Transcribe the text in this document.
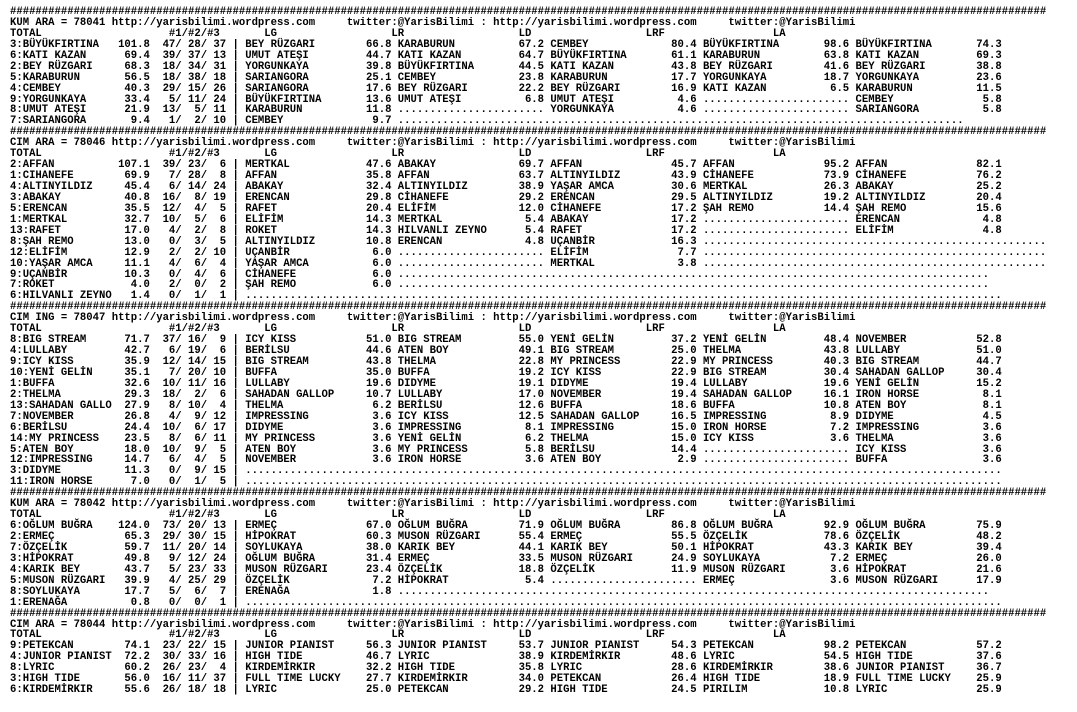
###################################################################################################################################################################
KUM ARA = 78041 http://yarisbilimi.wordpress.com     twitter:@YarisBilimi : http://yarisbilimi.wordpress.com     twitter:@YarisBilimi
TOTAL                    #1/#2/#3       LG                  LR                  LD                  LRF                 LA
3:BÜYÜKFIRTINA   101.8  47/ 28/ 37 | BEY RÜZGARI        66.8 KARABURUN          67.2 CEMBEY             80.4 BÜYÜKFIRTINA       98.6 BÜYÜKFIRTINA       74.3
6:KATI KAZAN      69.4  39/ 37/ 13 | UMUT ATEŞI         44.7 KATI KAZAN         64.7 BÜYÜKFIRTINA       61.1 KARABURUN          63.8 KATI KAZAN         69.3
2:BEY RÜZGARI     68.3  18/ 34/ 31 | YORGUNKAYA         39.8 BÜYÜKFIRTINA       44.5 KATI KAZAN         43.8 BEY RÜZGARI        41.6 BEY RÜZGARI        38.8
5:KARABURUN       56.5  18/ 38/ 18 | SARIANGORA         25.1 CEMBEY             23.8 KARABURUN          17.7 YORGUNKAYA         18.7 YORGUNKAYA         23.6
4:CEMBEY          40.3  29/ 15/ 26 | SARIANGORA         17.6 BEY RÜZGARI        22.2 BEY RÜZGARI        16.9 KATI KAZAN          6.5 KARABURUN          11.5
9:YORGUNKAYA      33.4   5/ 11/ 24 | BÜYÜKFIRTINA       13.6 UMUT ATEŞI          6.8 UMUT ATEŞI          4.6 ....................... CEMBEY              5.8
8:UMUT ATEŞI      21.9  13/  5/ 11 | KARABURUN          11.8 ....................... YORGUNKAYA          4.6 ....................... SARIANGORA          5.8
7:SARIANGORA       9.4   1/  2/ 10 | CEMBEY              9.7 .........................................................................................
###################################################################################################################################################################
CIM ARA = 78046 http://yarisbilimi.wordpress.com     twitter:@YarisBilimi : http://yarisbilimi.wordpress.com     twitter:@YarisBilimi
TOTAL                    #1/#2/#3       LG                  LR                  LD                  LRF                 LA
2:AFFAN          107.1  39/ 23/  6 | MERTKAL            47.6 ABAKAY             69.7 AFFAN              45.7 AFFAN              95.2 AFFAN              82.1
1:CIHANEFE        69.9   7/ 28/  8 | AFFAN              35.8 AFFAN              63.7 ALTINYILDIZ        43.9 CİHANEFE           73.9 CİHANEFE           76.2
4:ALTINYILDIZ     45.4   6/ 14/ 24 | ABAKAY             32.4 ALTINYILDIZ        38.9 YAŞAR AMCA         30.6 MERTKAL            26.3 ABAKAY             25.2
3:ABAKAY          40.8  16/  8/ 19 | ERENCAN            29.8 CİHANEFE           29.2 ERENCAN            29.5 ALTINYILDIZ        19.2 ALTINYILDIZ        20.4
5:ERENCAN         35.5  12/  4/  5 | RAFET              20.4 ELİFİM             12.0 CİHANEFE           17.2 ŞAH REMO           14.4 ŞAH REMO           15.6
1:MERTKAL         32.7  10/  5/  6 | ELİFİM             14.3 MERTKAL             5.4 ABAKAY             17.2 ....................... ERENCAN             4.8
13:RAFET          17.0   4/  2/  8 | ROKET              14.3 HILVANLI ZEYNO      5.4 RAFET              17.2 ....................... ELİFİM              4.8
8:ŞAH REMO        13.0   0/  3/  5 | ALTINYILDIZ        10.8 ERENCAN             4.8 UÇANBİR            16.3 ......................................................
12:ELİFİM         12.9   2/  2/ 10 | UÇANBİR             6.0 ....................... ELİFİM              7.7 ......................................................
10:YAŞAR AMCA     11.1   4/  6/  4 | YAŞAR AMCA          6.0 ....................... MERTKAL             3.8 ......................................................
9:UÇANBİR         10.3   0/  4/  6 | CİHANEFE            6.0 .............................................................................................
7:ROKET            4.0   2/  0/  2 | ŞAH REMO            6.0 .............................................................................................
6:HILVANLI ZEYNO   1.4   0/  1/  1 | .......................................................................................................................
###################################################################################################################################################################
CIM ING = 78047 http://yarisbilimi.wordpress.com     twitter:@YarisBilimi : http://yarisbilimi.wordpress.com     twitter:@YarisBilimi
TOTAL                    #1/#2/#3       LG                  LR                  LD                  LRF                 LA
8:BIG STREAM      71.7  37/ 16/  9 | ICY KISS           51.0 BIG STREAM         55.0 YENİ GELİN         37.2 YENİ GELİN         48.4 NOVEMBER           52.8
4:LULLABY         42.7   6/ 19/  6 | BERİLSU            44.6 ATEN BOY           49.1 BIG STREAM         25.0 THELMA             43.8 LULLABY            51.0
9:ICY KISS        35.9  12/ 14/ 15 | BIG STREAM         43.8 THELMA             22.8 MY PRINCESS        22.9 MY PRINCESS        40.3 BIG STREAM         44.7
10:YENİ GELİN     35.1   7/ 20/ 10 | BUFFA              35.0 BUFFA              19.2 ICY KISS           22.9 BIG STREAM         30.4 SAHADAN GALLOP     30.4
1:BUFFA           32.6  10/ 11/ 16 | LULLABY            19.6 DIDYME             19.1 DIDYME             19.4 LULLABY            19.6 YENİ GELİN         15.2
2:THELMA          29.3  18/  2/  6 | SAHADAN GALLOP     10.7 LULLABY            17.0 NOVEMBER           19.4 SAHADAN GALLOP     16.1 IRON HORSE          8.1
13:SAHADAN GALLO  27.9   8/ 10/  4 | THELMA              6.2 BERİLSU            12.6 BUFFA              18.6 BUFFA              10.8 ATEN BOY            8.1
7:NOVEMBER        26.8   4/  9/ 12 | IMPRESSING          3.6 ICY KISS           12.5 SAHADAN GALLOP     16.5 IMPRESSING          8.9 DIDYME              4.5
6:BERİLSU         24.4  10/  6/ 17 | DIDYME              3.6 IMPRESSING          8.1 IMPRESSING         15.0 IRON HORSE          7.2 IMPRESSING          3.6
14:MY PRINCESS    23.5   8/  6/ 11 | MY PRINCESS         3.6 YENİ GELİN          6.2 THELMA             15.0 ICY KISS            3.6 THELMA              3.6
5:ATEN BOY        18.0  10/  9/  5 | ATEN BOY            3.6 MY PRINCESS         5.8 BERİLSU            14.4 ....................... ICY KISS            3.6
12:IMPRESSING     14.7   6/  4/  5 | NOVEMBER            3.6 IRON HORSE          3.6 ATEN BOY            2.9 ....................... BUFFA               3.6
3:DIDYME          11.3   0/  9/ 15 | .......................................................................................................................
11:IRON HORSE      7.0   0/  1/  5 | .......................................................................................................................
###################################################################################################################################################################
KUM ARA = 78042 http://yarisbilimi.wordpress.com     twitter:@YarisBilimi : http://yarisbilimi.wordpress.com     twitter:@YarisBilimi
TOTAL                    #1/#2/#3       LG                  LR                  LD                  LRF                 LA
6:OĞLUM BUĞRA    124.0  73/ 20/ 13 | ERMEÇ              67.0 OĞLUM BUĞRA        71.9 OĞLUM BUĞRA        86.8 OĞLUM BUĞRA        92.9 OĞLUM BUĞRA        75.9
2:ERMEÇ           65.3  29/ 30/ 15 | HİPOKRAT           60.3 MUSON RÜZGARI      55.4 ERMEÇ              55.5 ÖZÇELİK            78.6 ÖZÇELİK            48.2
7:ÖZÇELİK         59.7  11/ 20/ 14 | SOYLUKAYA          38.0 KARIK BEY          44.1 KARIK BEY          50.1 HİPOKRAT           43.3 KARIK BEY          39.4
3:HİPOKRAT        49.8   9/ 12/ 24 | OĞLUM BUĞRA        31.4 ERMEÇ              33.5 MUSON RÜZGARI      24.9 SOYLUKAYA           7.2 ERMEÇ              26.0
4:KARIK BEY       43.7   5/ 23/ 33 | MUSON RÜZGARI      23.4 ÖZÇELİK            18.8 ÖZÇELİK            11.9 MUSON RÜZGARI       3.6 HİPOKRAT           21.6
5:MUSON RÜZGARI   39.9   4/ 25/ 29 | ÖZÇELİK             7.2 HİPOKRAT            5.4 ....................... ERMEÇ               3.6 MUSON RÜZGARI      17.9
8:SOYLUKAYA       17.7   5/  6/  7 | ERENAĞA             1.8 .............................................................................................
1:ERENAĞA          0.8   0/  0/  1 | .......................................................................................................................
###################################################################################################################################################################
CIM ARA = 78044 http://yarisbilimi.wordpress.com     twitter:@YarisBilimi : http://yarisbilimi.wordpress.com     twitter:@YarisBilimi
TOTAL                    #1/#2/#3       LG                  LR                  LD                  LRF                 LA
9:PETEKCAN        74.1  23/ 22/ 15 | JUNIOR PIANIST     56.3 JUNIOR PIANIST     53.7 JUNIOR PIANIST     54.3 PETEKCAN           98.2 PETEKCAN           57.2
4:JUNIOR PIANIST  72.2  30/ 33/ 16 | HIGH TIDE          46.7 LYRIC              38.9 KIRDEMİRKIR        48.6 LYRIC              54.5 HIGH TIDE          37.6
8:LYRIC           60.2  26/ 23/  4 | KIRDEMİRKIR        32.2 HIGH TIDE          35.8 LYRIC              28.6 KIRDEMİRKIR        38.6 JUNIOR PIANIST     36.7
3:HIGH TIDE       56.0  16/ 11/ 37 | FULL TIME LUCKY    27.7 KIRDEMİRKIR        34.0 PETEKCAN           26.4 HIGH TIDE          18.9 FULL TIME LUCKY    25.9
6:KIRDEMİRKIR     55.6  26/ 18/ 18 | LYRIC              25.0 PETEKCAN           29.2 HIGH TIDE          24.5 PIRILIM            10.8 LYRIC              25.9
